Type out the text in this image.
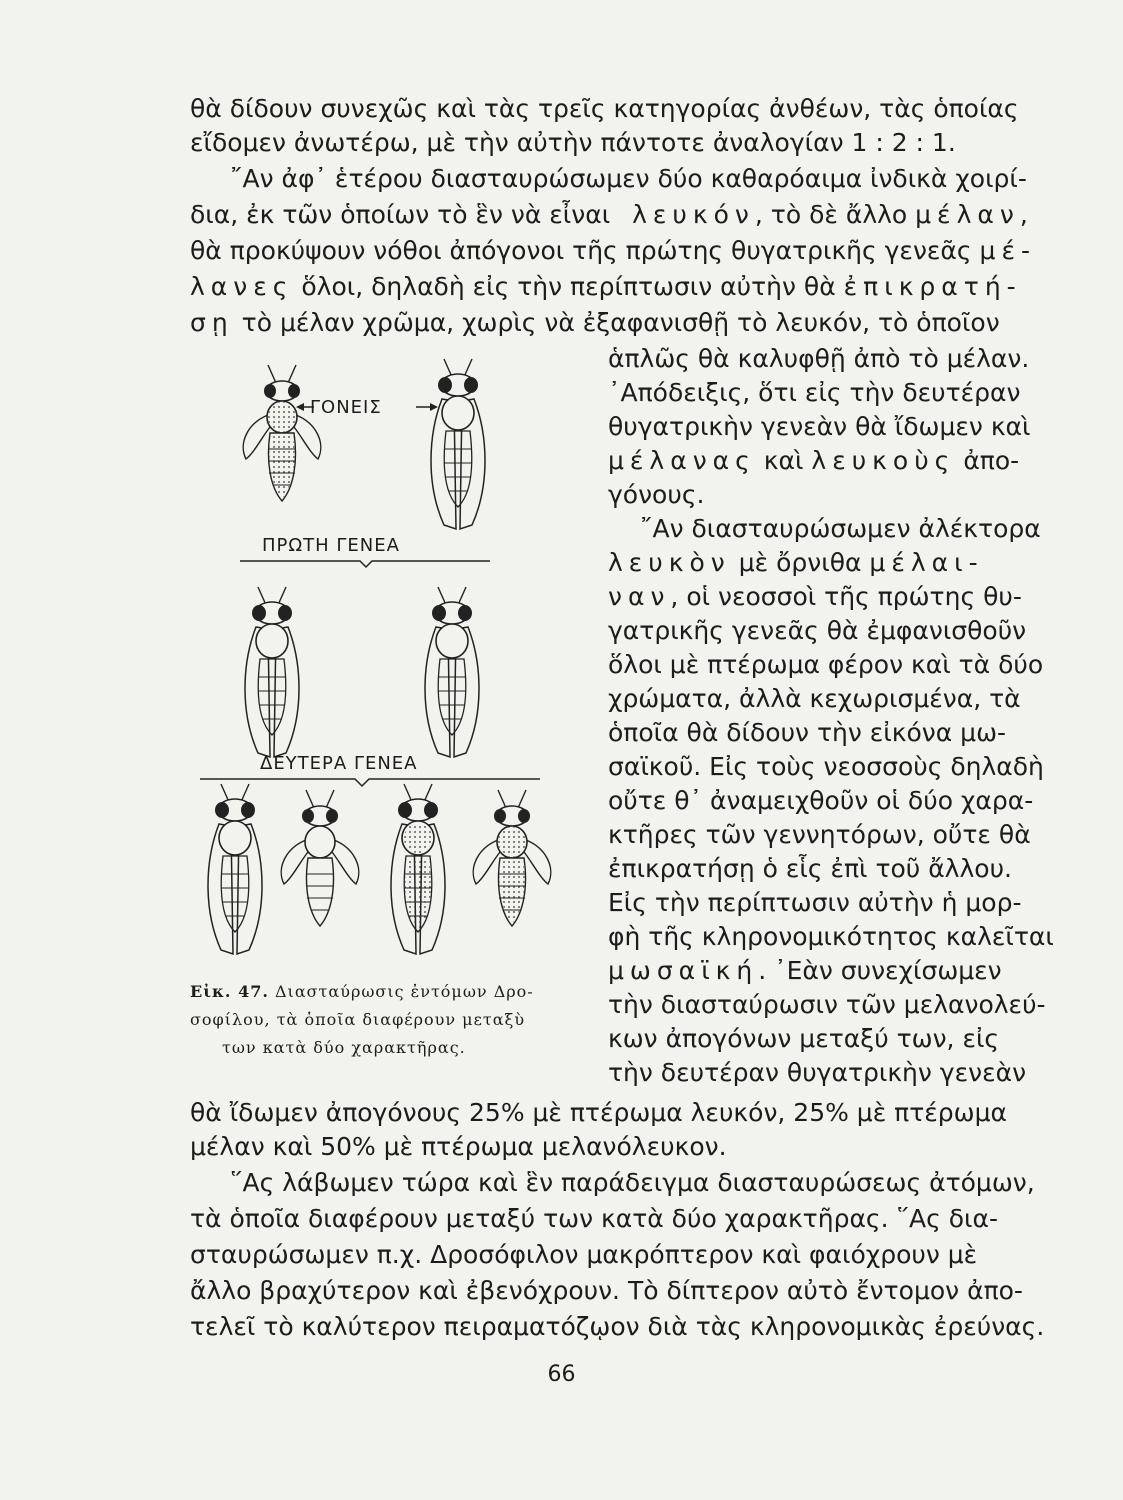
θὰ δίδουν συνεχῶς καὶ τὰς τρεῖς κατηγορίας ἀνθέων, τὰς ὁποίας
εἴδομεν ἀνωτέρω, μὲ τὴν αὐτὴν πάντοτε ἀναλογίαν 1 : 2 : 1.
῎Αν ἀφ᾽ ἑτέρου διασταυρώσωμεν δύο καθαρόαιμα ἰνδικὰ χοιρί-
δια, ἐκ τῶν ὁποίων τὸ ἓν νὰ εἶναι λευκόν, τὸ δὲ ἄλλο μέλαν,
θὰ προκύψουν νόθοι ἀπόγονοι τῆς πρώτης θυγατρικῆς γενεᾶς μέ-
λανες ὅλοι, δηλαδὴ εἰς τὴν περίπτωσιν αὐτὴν θὰ ἐπικρατή-
σῃ τὸ μέλαν χρῶμα, χωρὶς νὰ ἐξαφανισθῇ τὸ λευκόν, τὸ ὁποῖον
ἁπλῶς θὰ καλυφθῇ ἀπὸ τὸ μέλαν.
᾽Απόδειξις, ὅτι εἰς τὴν δευτέραν
θυγατρικὴν γενεὰν θὰ ἴδωμεν καὶ
μέλανας καὶ λευκοὺς ἀπο-
γόνους.
῎Αν διασταυρώσωμεν ἀλέκτορα
λευκὸν μὲ ὄρνιθα μέλαι-
ναν, οἱ νεοσσοὶ τῆς πρώτης θυ-
γατρικῆς γενεᾶς θὰ ἐμφανισθοῦν
ὅλοι μὲ πτέρωμα φέρον καὶ τὰ δύο
χρώματα, ἀλλὰ κεχωρισμένα, τὰ
ὁποῖα θὰ δίδουν τὴν εἰκόνα μω-
σαϊκοῦ. Εἰς τοὺς νεοσσοὺς δηλαδὴ
οὔτε θ᾽ ἀναμειχθοῦν οἱ δύο χαρα-
κτῆρες τῶν γεννητόρων, οὔτε θὰ
ἐπικρατήσῃ ὁ εἷς ἐπὶ τοῦ ἄλλου.
Εἰς τὴν περίπτωσιν αὐτὴν ἡ μορ-
φὴ τῆς κληρονομικότητος καλεῖται
μωσαϊκή. ᾽Εὰν συνεχίσωμεν
τὴν διασταύρωσιν τῶν μελανολεύ-
κων ἀπογόνων μεταξύ των, εἰς
τὴν δευτέραν θυγατρικὴν γενεὰν
ΓΟΝΕΙΣ
ΠΡΩΤΗ ΓΕΝΕΑ
ΔΕΥΤΕΡΑ ΓΕΝΕΑ
Εἰκ. 47. Διασταύρωσις ἐντόμων Δρο-
σοφίλου, τὰ ὁποῖα διαφέρουν μεταξὺ
των κατὰ δύο χαρακτῆρας.
θὰ ἴδωμεν ἀπογόνους 25% μὲ πτέρωμα λευκόν, 25% μὲ πτέρωμα
μέλαν καὶ 50% μὲ πτέρωμα μελανόλευκον.
῞Ας λάβωμεν τώρα καὶ ἓν παράδειγμα διασταυρώσεως ἀτόμων,
τὰ ὁποῖα διαφέρουν μεταξύ των κατὰ δύο χαρακτῆρας. ῞Ας δια-
σταυρώσωμεν π.χ. Δροσόφιλον μακρόπτερον καὶ φαιόχρουν μὲ
ἄλλο βραχύτερον καὶ ἐβενόχρουν. Τὸ δίπτερον αὐτὸ ἔντομον ἀπο-
τελεῖ τὸ καλύτερον πειραματόζῳον διὰ τὰς κληρονομικὰς ἐρεύνας.
66
